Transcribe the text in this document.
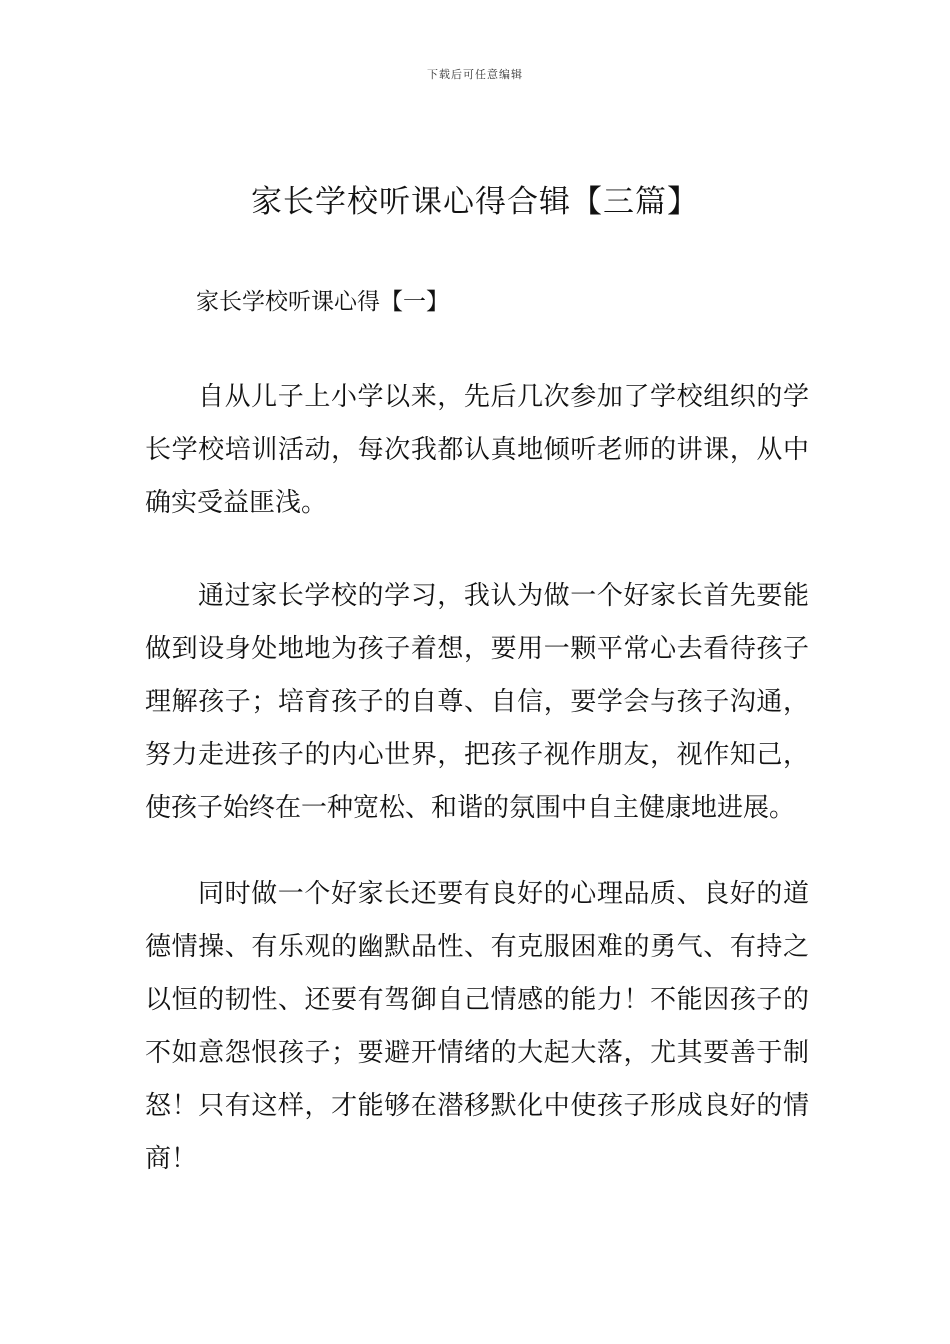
下载后可任意编辑
家长学校听课心得合辑【三篇】
家长学校听课心得【一】

自从儿子上小学以来，先后几次参加了学校组织的学长学校培训活动，每次我都认真地倾听老师的讲课，从中确实受益匪浅。

通过家长学校的学习，我认为做一个好家长首先要能做到设身处地地为孩子着想，要用一颗平常心去看待孩子理解孩子；培育孩子的自尊、自信，要学会与孩子沟通，努力走进孩子的内心世界，把孩子视作朋友，视作知己，使孩子始终在一种宽松、和谐的氛围中自主健康地进展。

同时做一个好家长还要有良好的心理品质、良好的道德情操、有乐观的幽默品性、有克服困难的勇气、有持之以恒的韧性、还要有驾御自己情感的能力！不能因孩子的不如意怨恨孩子；要避开情绪的大起大落，尤其要善于制怒！只有这样，才能够在潜移默化中使孩子形成良好的情商！
